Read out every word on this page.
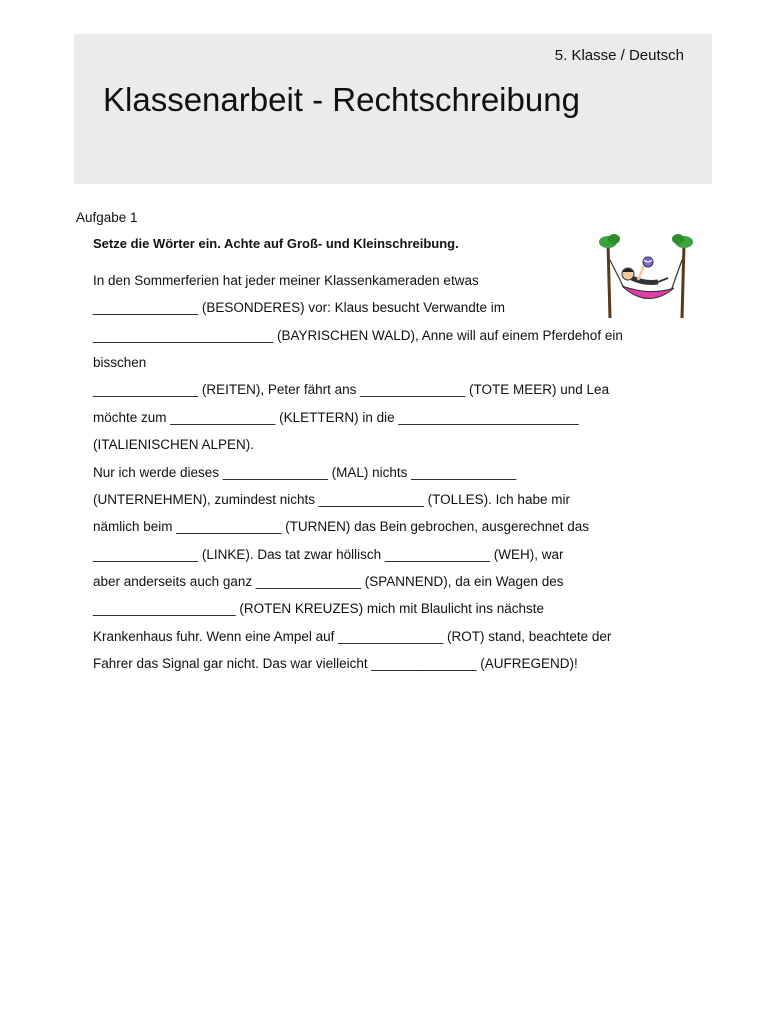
5. Klasse / Deutsch
Klassenarbeit - Rechtschreibung
Aufgabe 1
Setze die Wörter ein. Achte auf Groß- und Kleinschreibung.
In den Sommerferien hat jeder meiner Klassenkameraden etwas
______________ (BESONDERES) vor: Klaus besucht Verwandte im
________________________ (BAYRISCHEN WALD), Anne will auf einem Pferdehof ein
bisschen
______________ (REITEN), Peter fährt ans ______________ (TOTE MEER) und Lea
möchte zum ______________ (KLETTERN) in die ________________________
(ITALIENISCHEN ALPEN).
Nur ich werde dieses ______________ (MAL) nichts ______________
(UNTERNEHMEN), zumindest nichts ______________ (TOLLES). Ich habe mir
nämlich beim ______________ (TURNEN) das Bein gebrochen, ausgerechnet das
______________ (LINKE). Das tat zwar höllisch ______________ (WEH), war
aber anderseits auch ganz ______________ (SPANNEND), da ein Wagen des
___________________ (ROTEN KREUZES) mich mit Blaulicht ins nächste
Krankenhaus fuhr. Wenn eine Ampel auf ______________ (ROT) stand, beachtete der
Fahrer das Signal gar nicht. Das war vielleicht ______________ (AUFREGEND)!
